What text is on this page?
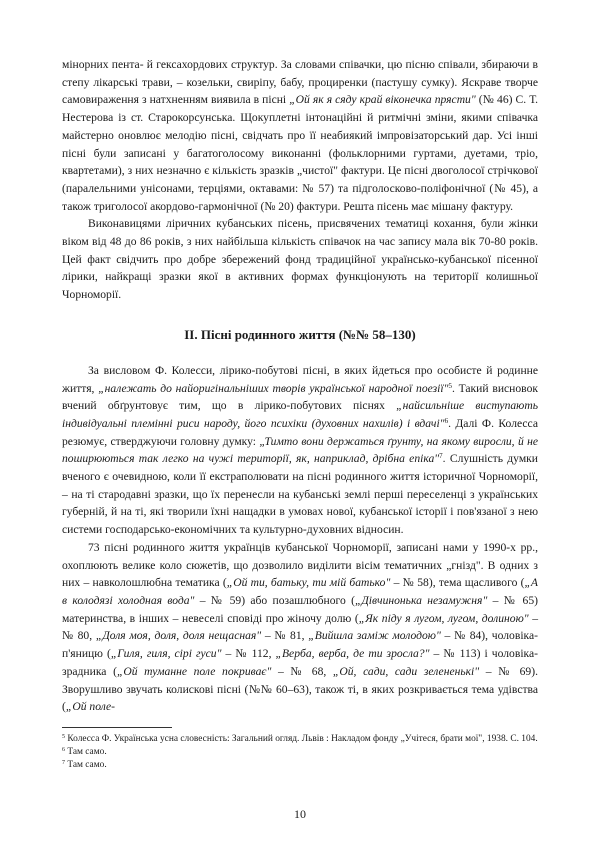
мінорних пента- й гексахордових структур. За словами співачки, цю пісню співали, збираючи в степу лікарські трави, – козельки, свиріпу, бабу, проциренки (пастушу сумку). Яскраве творче самовираження з натхненням виявила в пісні „Ой як я сяду край віконечка прясти" (№ 46) С. Т. Нестерова із ст. Старокорсунська. Щокуплетні інтонаційні й ритмічні зміни, якими співачка майстерно оновлює мелодію пісні, свідчать про її неабиякий імпровізаторський дар. Усі інші пісні були записані у багатоголосому виконанні (фольклорними гуртами, дуетами, тріо, квартетами), з них незначно є кількість зразків „чистої" фактури. Це пісні двоголосої стрічкової (паралельними унісонами, терціями, октавами: № 57) та підголосково-поліфонічної (№ 45), а також триголосої акордово-гармонічної (№ 20) фактури. Решта пісень має мішану фактуру.

Виконавицями ліричних кубанських пісень, присвячених тематиці кохання, були жінки віком від 48 до 86 років, з них найбільша кількість співачок на час запису мала вік 70-80 років. Цей факт свідчить про добре збережений фонд традиційної українсько-кубанської пісенної лірики, найкращі зразки якої в активних формах функціонують на території колишньої Чорноморії.

ІІ. Пісні родинного життя (№№ 58–130)

За висловом Ф. Колесси, лірико-побутові пісні, в яких йдеться про особисте й родинне життя, „належать до найоригінальніших творів української народної поезії"$^5$. Такий висновок вчений обґрунтовує тим, що в лірико-побутових піснях „найсильніше виступають індивідуальні племінні риси народу, його психіки (духовних нахилів) і вдачі"$^6$. Далі Ф. Колесса резюмує, стверджуючи головну думку: „Тимто вони держаться ґрунту, на якому виросли, й не поширюються так легко на чужі території, як, наприклад, дрібна епіка"$^7$. Слушність думки вченого є очевидною, коли її екстраполювати на пісні родинного життя історичної Чорноморії, – на ті стародавні зразки, що їх перенесли на кубанські землі перші переселенці з українських губерній, й на ті, які творили їхні нащадки в умовах нової, кубанської історії і пов'язаної з нею системи господарсько-економічних та культурно-духовних відносин.

73 пісні родинного життя українців кубанської Чорноморії, записані нами у 1990-х рр., охоплюють велике коло сюжетів, що дозволило виділити вісім тематичних „гнізд". В одних з них – навколошлюбна тематика („Ой ти, батьку, ти мій батько" – № 58), тема щасливого („А в колодязі холодная вода" – № 59) або позашлюбного („Дівчинонька незамужня" – № 65) материнства, в інших – невеселі сповіді про жіночу долю („Як піду я лугом, лугом, долиною" – № 80, „Доля моя, доля, доля нещасная" – № 81, „Вийшла заміж молодою" – № 84), чоловіка-п'яницю („Гиля, гиля, сірі гуси" – № 112, „Верба, верба, де ти зросла?" – № 113) і чоловіка-зрадника („Ой туманне поле покриває" – № 68, „Ой, сади, сади зелененькі" – № 69). Зворушливо звучать колискові пісні (№№ 60–63), також ті, в яких розкривається тема удівства („Ой поле-

$^5$ Колесса Ф. Українська усна словесність: Загальний огляд. Львів : Накладом фонду „Учітеся, брати мої", 1938. С. 104.

$^6$ Там само.

$^7$ Там само.

10
